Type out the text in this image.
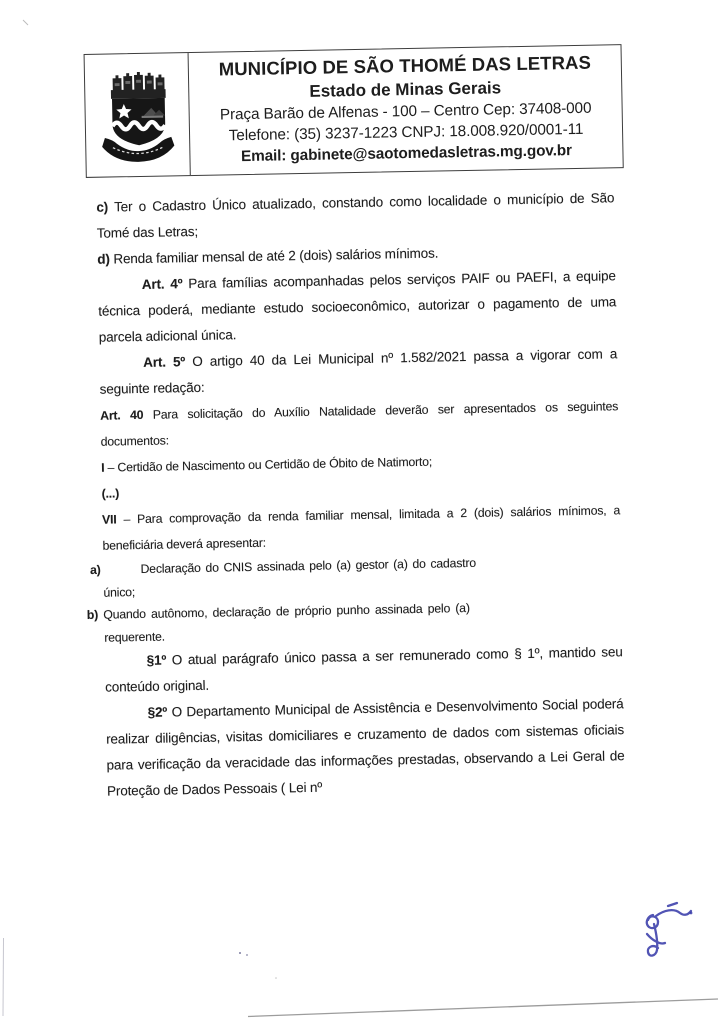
MUNICÍPIO DE SÃO THOMÉ DAS LETRAS
Estado de Minas Gerais
Praça Barão de Alfenas - 100 – Centro Cep: 37408-000
Telefone: (35) 3237-1223 CNPJ: 18.008.920/0001-11
Email: gabinete@saotomedasletras.mg.gov.br

c) Ter o Cadastro Único atualizado, constando como localidade o município de São Tomé das Letras;

d) Renda familiar mensal de até 2 (dois) salários mínimos.

Art. 4º Para famílias acompanhadas pelos serviços PAIF ou PAEFI, a equipe técnica poderá, mediante estudo socioeconômico, autorizar o pagamento de uma parcela adicional única.

Art. 5º O artigo 40 da Lei Municipal nº 1.582/2021 passa a vigorar com a seguinte redação:

Art. 40 Para solicitação do Auxílio Natalidade deverão ser apresentados os seguintes documentos:

I – Certidão de Nascimento ou Certidão de Óbito de Natimorto;

(...)

VII – Para comprovação da renda familiar mensal, limitada a 2 (dois) salários mínimos, a beneficiária deverá apresentar:

a)	Declaração do CNIS assinada pelo (a) gestor (a) do cadastro único;

b) Quando autônomo, declaração de próprio punho assinada pelo (a) requerente.

§1º O atual parágrafo único passa a ser remunerado como § 1º, mantido seu conteúdo original.

§2º O Departamento Municipal de Assistência e Desenvolvimento Social poderá realizar diligências, visitas domiciliares e cruzamento de dados com sistemas oficiais para verificação da veracidade das informações prestadas, observando a Lei Geral de Proteção de Dados Pessoais ( Lei nº
